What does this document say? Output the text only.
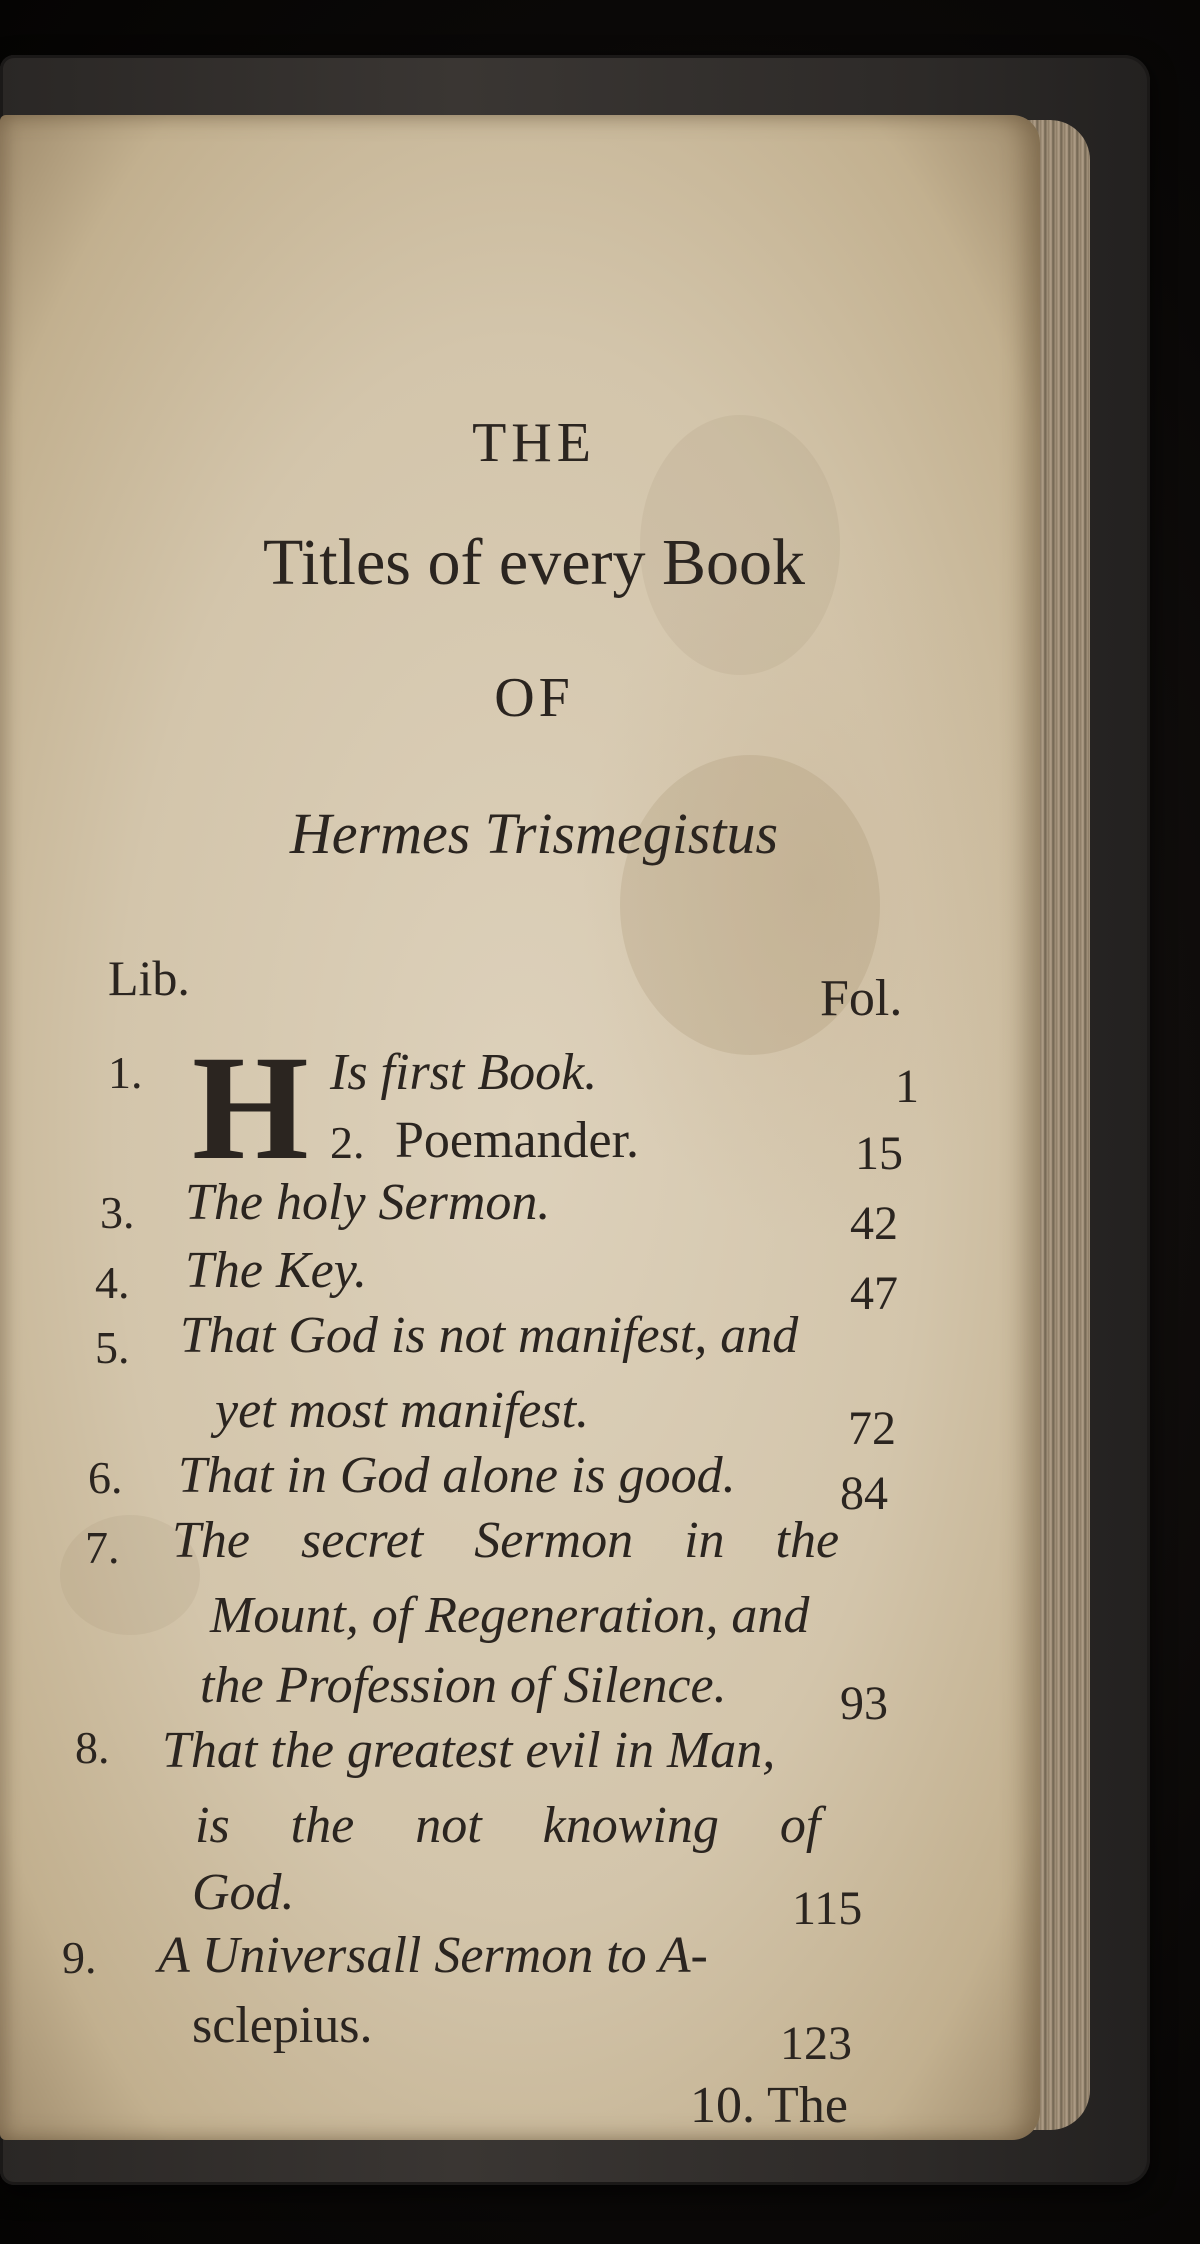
THE
Titles of every Book
OF
Hermes Trismegistus
Lib.	Fol.
1. H Is first Book.	1
2. Poemander.	15
3. The holy Sermon.	42
4. The Key.	47
5. That God is not manifest, and
yet most manifest.	72
6. That in God alone is good. 84
7. The secret Sermon in the
Mount, of Regeneration, and
the Profession of Silence. 93
8. That the greatest evil in Man,
is the not knowing of
God.	115
9. A Universall Sermon to A-
sclepius.	123
10. The
